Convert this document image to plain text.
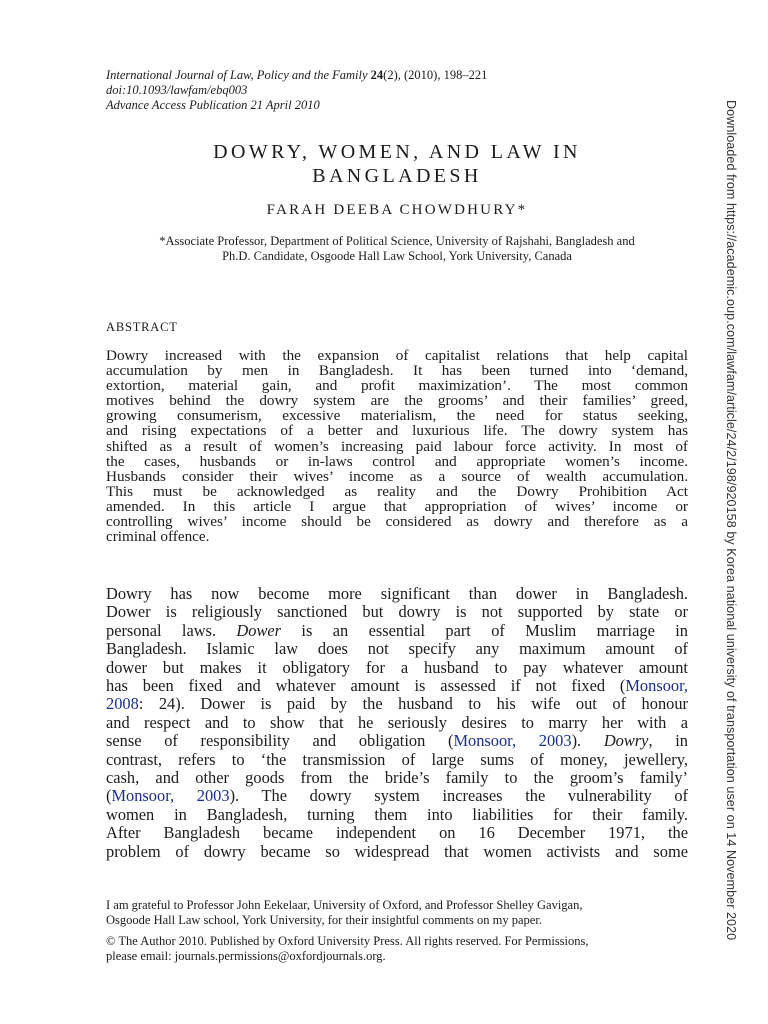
International Journal of Law, Policy and the Family 24(2), (2010), 198–221
doi:10.1093/lawfam/ebq003
Advance Access Publication 21 April 2010
DOWRY, WOMEN, AND LAW IN
BANGLADESH
FARAH DEEBA CHOWDHURY*
*Associate Professor, Department of Political Science, University of Rajshahi, Bangladesh and
Ph.D. Candidate, Osgoode Hall Law School, York University, Canada
ABSTRACT
Dowry increased with the expansion of capitalist relations that help capital
accumulation by men in Bangladesh. It has been turned into ‘demand,
extortion, material gain, and profit maximization’. The most common
motives behind the dowry system are the grooms’ and their families’ greed,
growing consumerism, excessive materialism, the need for status seeking,
and rising expectations of a better and luxurious life. The dowry system has
shifted as a result of women’s increasing paid labour force activity. In most of
the cases, husbands or in-laws control and appropriate women’s income.
Husbands consider their wives’ income as a source of wealth accumulation.
This must be acknowledged as reality and the Dowry Prohibition Act
amended. In this article I argue that appropriation of wives’ income or
controlling wives’ income should be considered as dowry and therefore as a
criminal offence.
Dowry has now become more significant than dower in Bangladesh.
Dower is religiously sanctioned but dowry is not supported by state or
personal laws. Dower is an essential part of Muslim marriage in
Bangladesh. Islamic law does not specify any maximum amount of
dower but makes it obligatory for a husband to pay whatever amount
has been fixed and whatever amount is assessed if not fixed (Monsoor,
2008: 24). Dower is paid by the husband to his wife out of honour
and respect and to show that he seriously desires to marry her with a
sense of responsibility and obligation (Monsoor, 2003). Dowry, in
contrast, refers to ‘the transmission of large sums of money, jewellery,
cash, and other goods from the bride’s family to the groom’s family’
(Monsoor, 2003). The dowry system increases the vulnerability of
women in Bangladesh, turning them into liabilities for their family.
After Bangladesh became independent on 16 December 1971, the
problem of dowry became so widespread that women activists and some
I am grateful to Professor John Eekelaar, University of Oxford, and Professor Shelley Gavigan,
Osgoode Hall Law school, York University, for their insightful comments on my paper.
© The Author 2010. Published by Oxford University Press. All rights reserved. For Permissions,
please email: journals.permissions@oxfordjournals.org.
Downloaded from https://academic.oup.com/lawfam/article/24/2/198/920158 by Korea national university of transportation user on 14 November 2020
